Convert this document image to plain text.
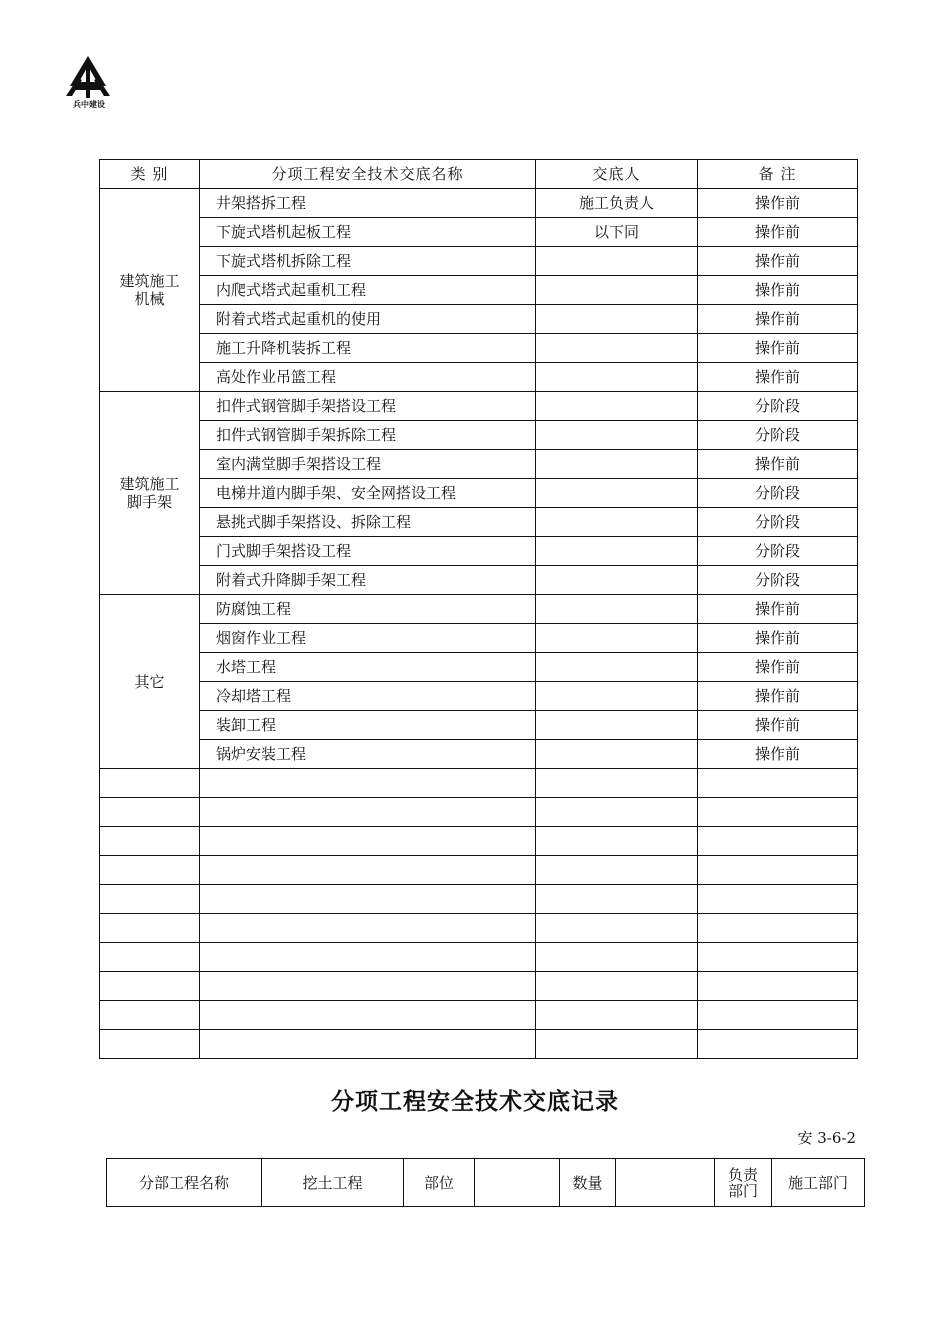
兵中建设
类 别	分项工程安全技术交底名称	交底人	备 注
建筑施工机械	井架搭拆工程	施工负责人	操作前
	下旋式塔机起板工程	以下同	操作前
	下旋式塔机拆除工程		操作前
	内爬式塔式起重机工程		操作前
	附着式塔式起重机的使用		操作前
	施工升降机装拆工程		操作前
	高处作业吊篮工程		操作前
建筑施工脚手架	扣件式钢管脚手架搭设工程		分阶段
	扣件式钢管脚手架拆除工程		分阶段
	室内满堂脚手架搭设工程		操作前
	电梯井道内脚手架、安全网搭设工程		分阶段
	悬挑式脚手架搭设、拆除工程		分阶段
	门式脚手架搭设工程		分阶段
	附着式升降脚手架工程		分阶段
其它	防腐蚀工程		操作前
	烟窗作业工程		操作前
	水塔工程		操作前
	冷却塔工程		操作前
	装卸工程		操作前
	锅炉安装工程		操作前

分项工程安全技术交底记录
安 3-6-2
分部工程名称	挖土工程	部位		数量		负责部门	施工部门
